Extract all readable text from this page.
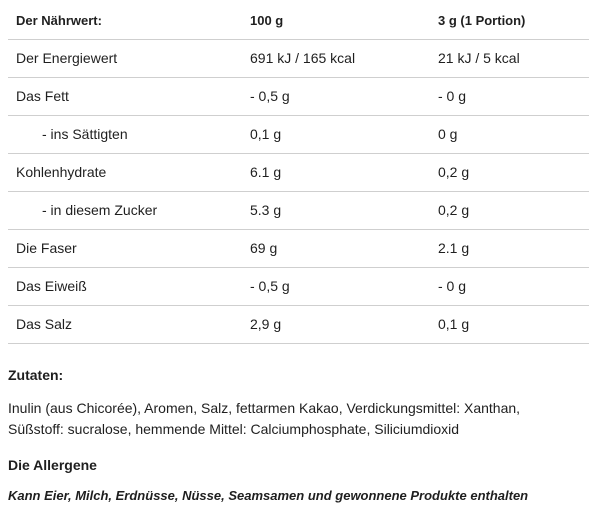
Der Nährwert:	100 g	3 g (1 Portion)
Der Energiewert	691 kJ / 165 kcal	21 kJ / 5 kcal
Das Fett	- 0,5 g	- 0 g
- ins Sättigten	0,1 g	0 g
Kohlenhydrate	6.1 g	0,2 g
- in diesem Zucker	5.3 g	0,2 g
Die Faser	69 g	2.1 g
Das Eiweiß	- 0,5 g	- 0 g
Das Salz	2,9 g	0,1 g
Zutaten:
Inulin (aus Chicorée), Aromen, Salz, fettarmen Kakao, Verdickungsmittel: Xanthan, Süßstoff: sucralose, hemmende Mittel: Calciumphosphate, Siliciumdioxid
Die Allergene
Kann Eier, Milch, Erdnüsse, Nüsse, Seamsamen und gewonnene Produkte enthalten
